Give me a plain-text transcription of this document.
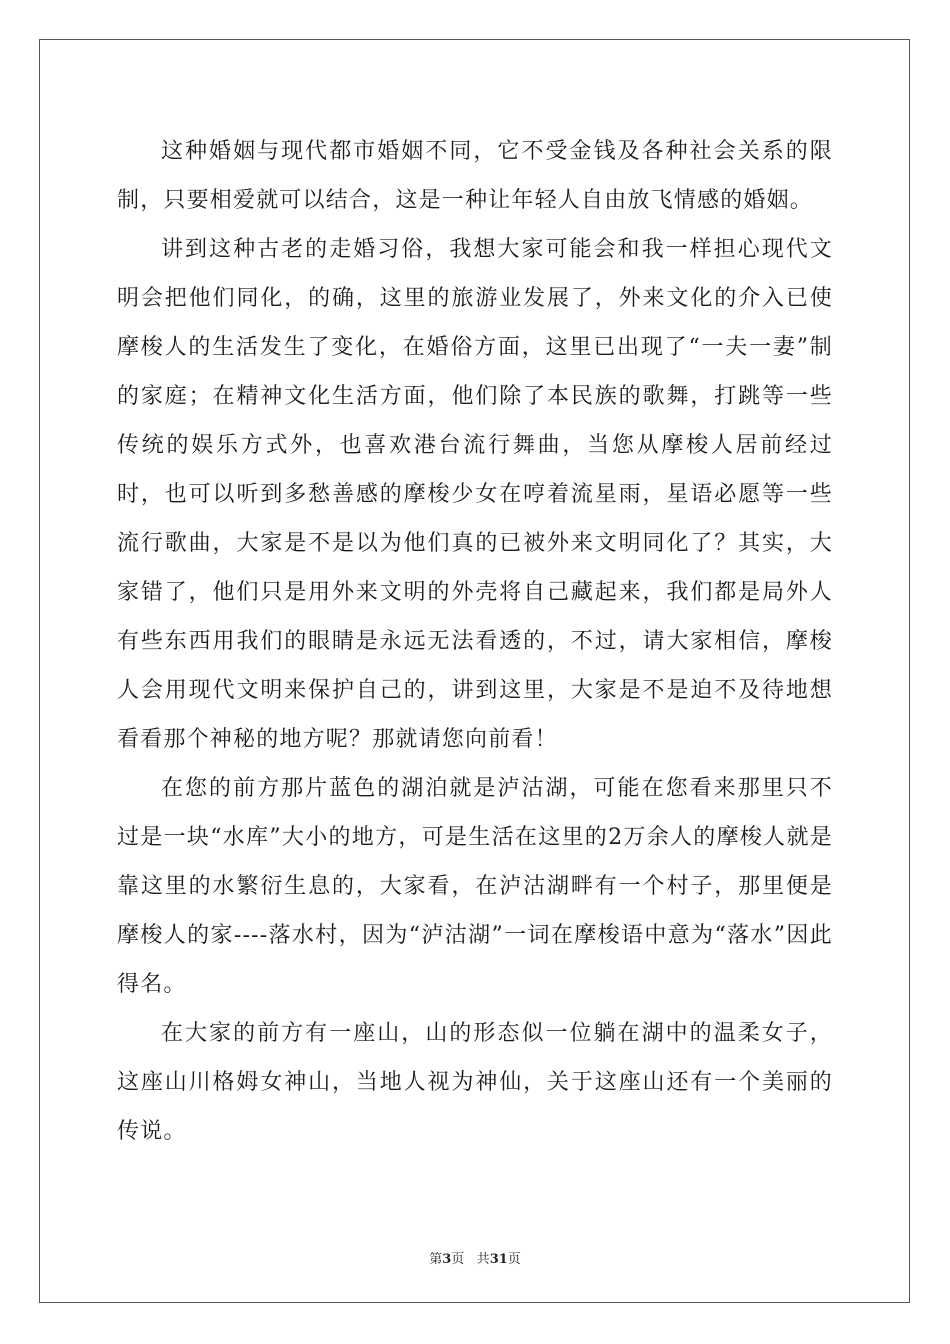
这种婚姻与现代都市婚姻不同，它不受金钱及各种社会关系的限制，只要相爱就可以结合，这是一种让年轻人自由放飞情感的婚姻。

讲到这种古老的走婚习俗，我想大家可能会和我一样担心现代文明会把他们同化，的确，这里的旅游业发展了，外来文化的介入已使摩梭人的生活发生了变化，在婚俗方面，这里已出现了“一夫一妻”制的家庭；在精神文化生活方面，他们除了本民族的歌舞，打跳等一些传统的娱乐方式外，也喜欢港台流行舞曲，当您从摩梭人居前经过时，也可以听到多愁善感的摩梭少女在哼着流星雨，星语必愿等一些流行歌曲，大家是不是以为他们真的已被外来文明同化了？其实，大家错了，他们只是用外来文明的外壳将自己藏起来，我们都是局外人有些东西用我们的眼睛是永远无法看透的，不过，请大家相信，摩梭人会用现代文明来保护自己的，讲到这里，大家是不是迫不及待地想看看那个神秘的地方呢？那就请您向前看！

在您的前方那片蓝色的湖泊就是泸沽湖，可能在您看来那里只不过是一块“水库”大小的地方，可是生活在这里的2万余人的摩梭人就是靠这里的水繁衍生息的，大家看，在泸沽湖畔有一个村子，那里便是摩梭人的家----落水村，因为“泸沽湖”一词在摩梭语中意为“落水”因此得名。

在大家的前方有一座山，山的形态似一位躺在湖中的温柔女子，这座山川格姆女神山，当地人视为神仙，关于这座山还有一个美丽的传说。

第3页 共31页
